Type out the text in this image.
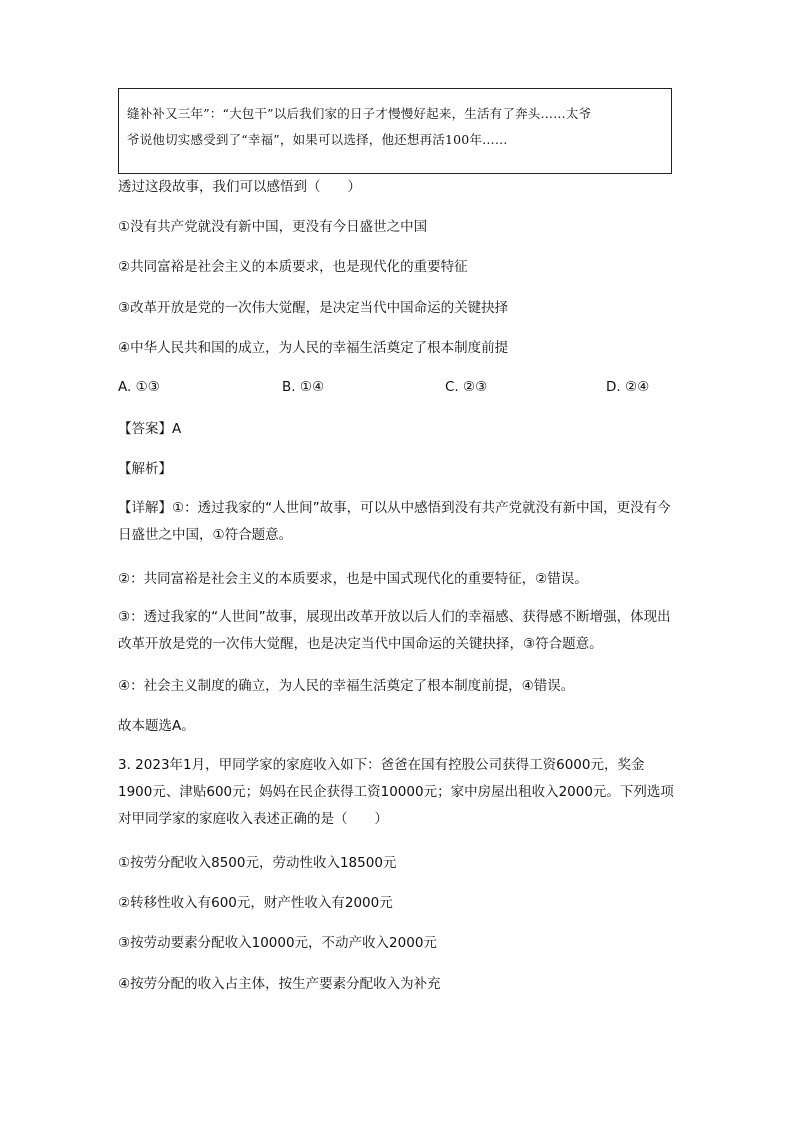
缝补补又三年”：“大包干”以后我们家的日子才慢慢好起来，生活有了奔头……太爷
爷说他切实感受到了“幸福”，如果可以选择，他还想再活100年……
透过这段故事，我们可以感悟到（　　）
①没有共产党就没有新中国，更没有今日盛世之中国
②共同富裕是社会主义的本质要求，也是现代化的重要特征
③改革开放是党的一次伟大觉醒，是决定当代中国命运的关键抉择
④中华人民共和国的成立，为人民的幸福生活奠定了根本制度前提
A. ①③	B. ①④	C. ②③	D. ②④
【答案】A
【解析】
【详解】①：透过我家的“人世间”故事，可以从中感悟到没有共产党就没有新中国，更没有今日盛世之中国，①符合题意。
②：共同富裕是社会主义的本质要求，也是中国式现代化的重要特征，②错误。
③：透过我家的“人世间”故事，展现出改革开放以后人们的幸福感、获得感不断增强，体现出改革开放是党的一次伟大觉醒，也是决定当代中国命运的关键抉择，③符合题意。
④：社会主义制度的确立，为人民的幸福生活奠定了根本制度前提，④错误。
故本题选A。
3. 2023年1月，甲同学家的家庭收入如下：爸爸在国有控股公司获得工资6000元，奖金1900元、津贴600元；妈妈在民企获得工资10000元；家中房屋出租收入2000元。下列选项对甲同学家的家庭收入表述正确的是（　　）
①按劳分配收入8500元，劳动性收入18500元
②转移性收入有600元，财产性收入有2000元
③按劳动要素分配收入10000元，不动产收入2000元
④按劳分配的收入占主体，按生产要素分配收入为补充
